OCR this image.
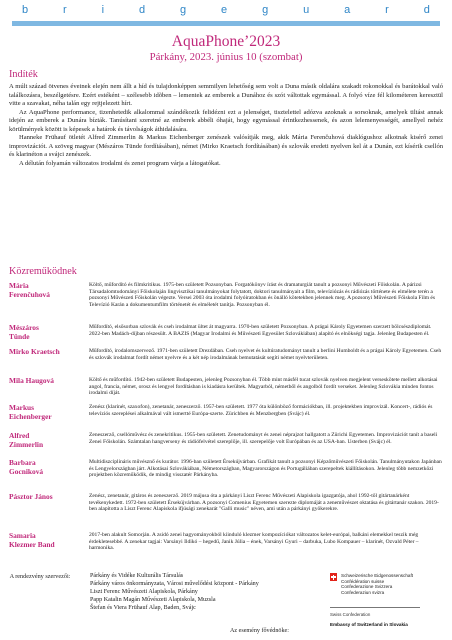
b	r	i	d	g	e	g	u	a	r	d
AquaPhone’2023
Párkány, 2023. június 10 (szombat)
Indíték

A múlt század ötvenes éveinek elején nem állt a híd és tulajdonképpen semmilyen lehetőség sem volt a Duna másik oldalára szakadt rokonokkal és barátokkal való találkozásra, beszélgetésre. Ezért estéként – szélesebb idõben – lementek az emberek a Dunához és szót váltottak egymással. A folyó víze fél kilométeren keresztül vitte a szavakat, néha talán egy rejtjelezett hírt.

Az AquaPhone performance, tizenhetedik alkalommal szándékozik felidézni ezt a jelenséget, tisztelettel adózva azoknak a sorsoknak, amelyek tiltást annak idején az emberek a Dunára bízták. Tanúsítani szeretné az emberek abbéli óhaját, hogy egymással érintkezhessenek, és azon lelemenyességét, amellyel nehéz körülmények között is képesek a határok és távolságok áthidalására.

Hanneke Frühauf ötletét Alfred Zimmerlin & Markus Eichenberger zenészek valósítják meg, akik Mária Ferenčuhová diaklógushoz alkotnak kisérő zenei improvizációt. A szöveg magyar (Mészáros Tünde fordításában), német (Mirko Kraetsch fordításában) és szlovák eredeti nyelven kel át a Dunán, ezt kísérik csellón és klarinéton a svájci zenészek.

A délután folyamán változatos irodalmi és zenei program várja a látogatókat.

Közreműködnek
Mária Ferenčuhová
Költő, műfordító és filmkritikus. 1975-ben született Pozsonyban. Forgatókönyv írást és dramaturgiát tanult a pozsonyi Művészeti Főiskolán. A párizsi Társadalomtudományi Főiskolaján lingvisztikai tanulmányokat folytatott, doktori tanulmányait a film, televíziózás és rádiózás története és elmélete terén a pozsonyi Művészeti Főiskolán végezte. Versei 2003 óta irodalmi folyóiratokban és önálló kötetekben jelennek meg. A pozsonyi Művészeti Főiskola Film és Televízió Karán a dokumentumfilm történetét és elméletét tanítja. Pozsonyban él.
Mészáros Tünde
Műfordító, elsősorban szlovák és cseh irodalmat ültet át magyarra. 1970-ben született Pozsonyban. A prágai Károly Egyetemen szerzett bölcsészdiplomát. 2022-ben Madách-díjban részesült. A BAZIS (Magyar Irodalmi és Művészeti Egyesület Szlovákiában) alapító és elnökségi tagja. Jelenleg Budapesten él.
Mirko Kraetsch	Műfordító, irodalomszervező. 1971-ben született Drezdában. Cseh nyelvet és kultúratudományt tanult a berlini Humboldt és a prágai Károly Egyetemen. Cseh és szlovák irodalmat fordít német nyelvre és a két nép irodalmának bemutatását segíti német nyelvterületen.
Mila Haugová	Költő és műfordító. 1942-ben született Budapesten, jelenleg Pozsonyban él. Több mint másfél tucat szlovák nyelven megjelent verseskötete mellett alkotásai angol, francia, német, orosz és lengyel fordításban is kiadásra kerültek. Magyarból, németből és angolból fordít verseket. Jelenleg Szlovákia minden fontos irodalmi díját.
Markus Eichenberger
Zenész (klarinét, szaxofon), zenetanár, zeneszerző. 1957-ben született. 1977 óta különböző formációkban, ill. projektekben improvizál. Koncert-, rádiós és televíziós szereplései alkalmával vált ismertté Európa-szerte. Zürichben és Menzbergben (Svájc) él.
Alfred Zimmerlin
Zeneszerző, csellóművész és zenekritikus. 1955-ben született. Zenetudományt és zenei néprajzot hallgatott a Zürichi Egyetemen. Improvizációt tanít a baseli Zenei Főiskolán. Számtalan hangverseny és rádiófelvétel szereplője, ill. szerepelője volt Európában és az USA-ban. Usterben (Svájc) él.
Barbara Gocniková
Multidiszciplináris művésznő és kurátor. 1996-ban született Érsekújvárban. Grafikát tanult a pozsonyi Képzőművészeti Főiskolán. Tanulmányutakon Japánban és Lengyelországban járt. Alkotásai Szlovákiában, Németországban, Magyarországon és Portugáliában szerepeltek kiállításokon. Jelenleg több nemzetközi projektben közreműködik, de mindig visszatér Párkányba.
Pásztor János	Zenész, zenetanár, gitáros és zeneszerző. 2019 májusa óta a párkányi Liszt Ferenc Művészeti Alapiskola igazgatója, ahol 1992-től gitártanárként tevékenykedett. 1972-ben született Érsekújvárban. A pozsonyi Comenius Egyetemen szerezte diplomáját a zeneművészet oktatása és gitártanár szakon. 2019-ben alapította a Liszt Ferenc Alapiskola ifjúsági zenekarát "Galli music" néven, ami után a párkányi gyökerekre.
Samaria Klezmer Band
2017-ben alakult Somorján. A zsidó zenei hagyományokból kiinduló klezmer kompozíciókat változatos kelet-európai, balkáni elemekkel teszik még érdekletesebbé. A zenekar tagjai: Varsányi Ildikó – hegedű, Janik Júlia – ének, Varsányi Gyuri – darbuka, Lubo Kompauer – klarinét, Ozvald Péter – harmonika.
A rendezvény szervezői:	Párkány és Vidéke Kulturális Társulás
Párkány város önkormányzata, Városi művelődési központ - Párkány
Liszt Ferenc Művészeti Alapiskola, Párkány
Papp Katalin Magán Művészeti Alapiskola, Muzsla
Štefan és Viera Frühauf Alap, Baden, Svájc
Az esemény fővédnöke:
Schweizerische Eidgenossenschaft
Confédération suisse
Confederazione Svizzera
Confederaziun svizra
Swiss Confederation
Embassy of Switzerland in Slovakia
